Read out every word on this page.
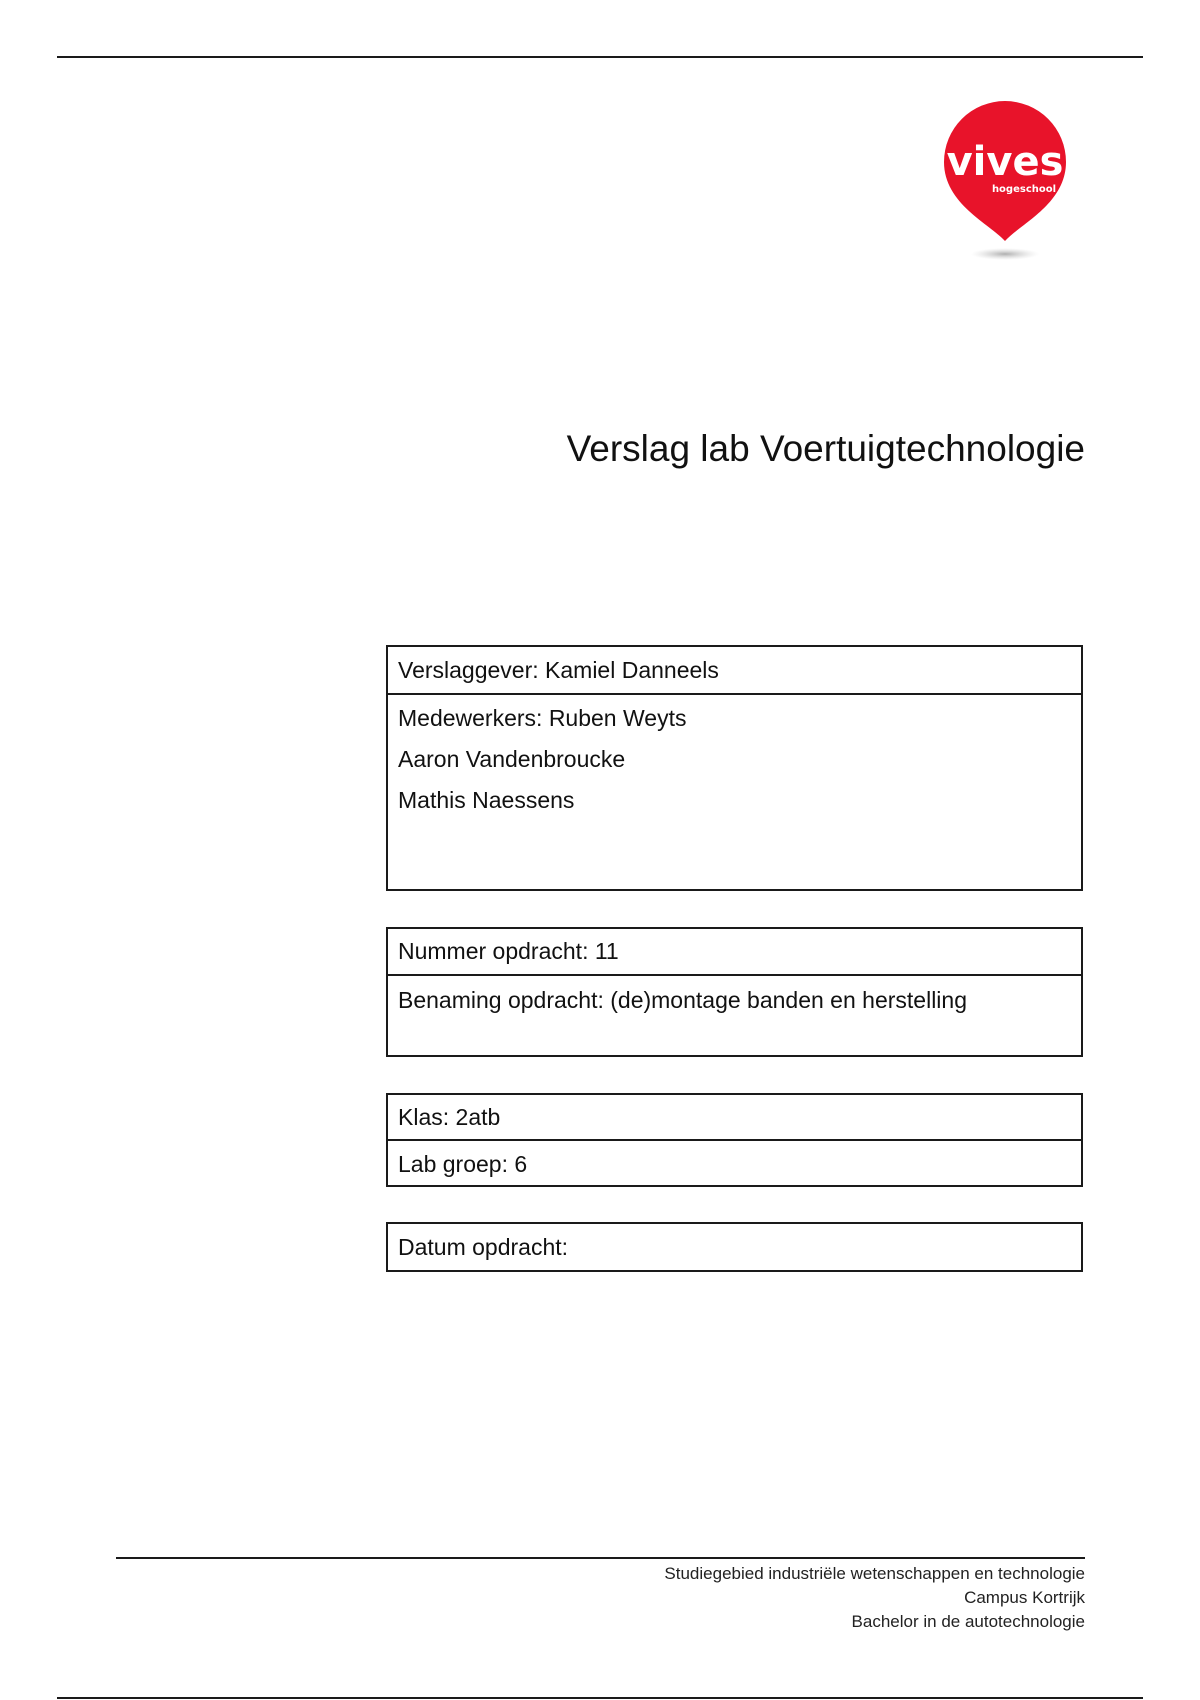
vives
hogeschool
Verslag lab Voertuigtechnologie
Verslaggever: Kamiel Danneels
Medewerkers: Ruben Weyts
Aaron Vandenbroucke
Mathis Naessens
Nummer opdracht: 11
Benaming opdracht: (de)montage banden en herstelling
Klas: 2atb
Lab groep: 6
Datum opdracht:
Studiegebied industriële wetenschappen en technologie
Campus Kortrijk
Bachelor in de autotechnologie
